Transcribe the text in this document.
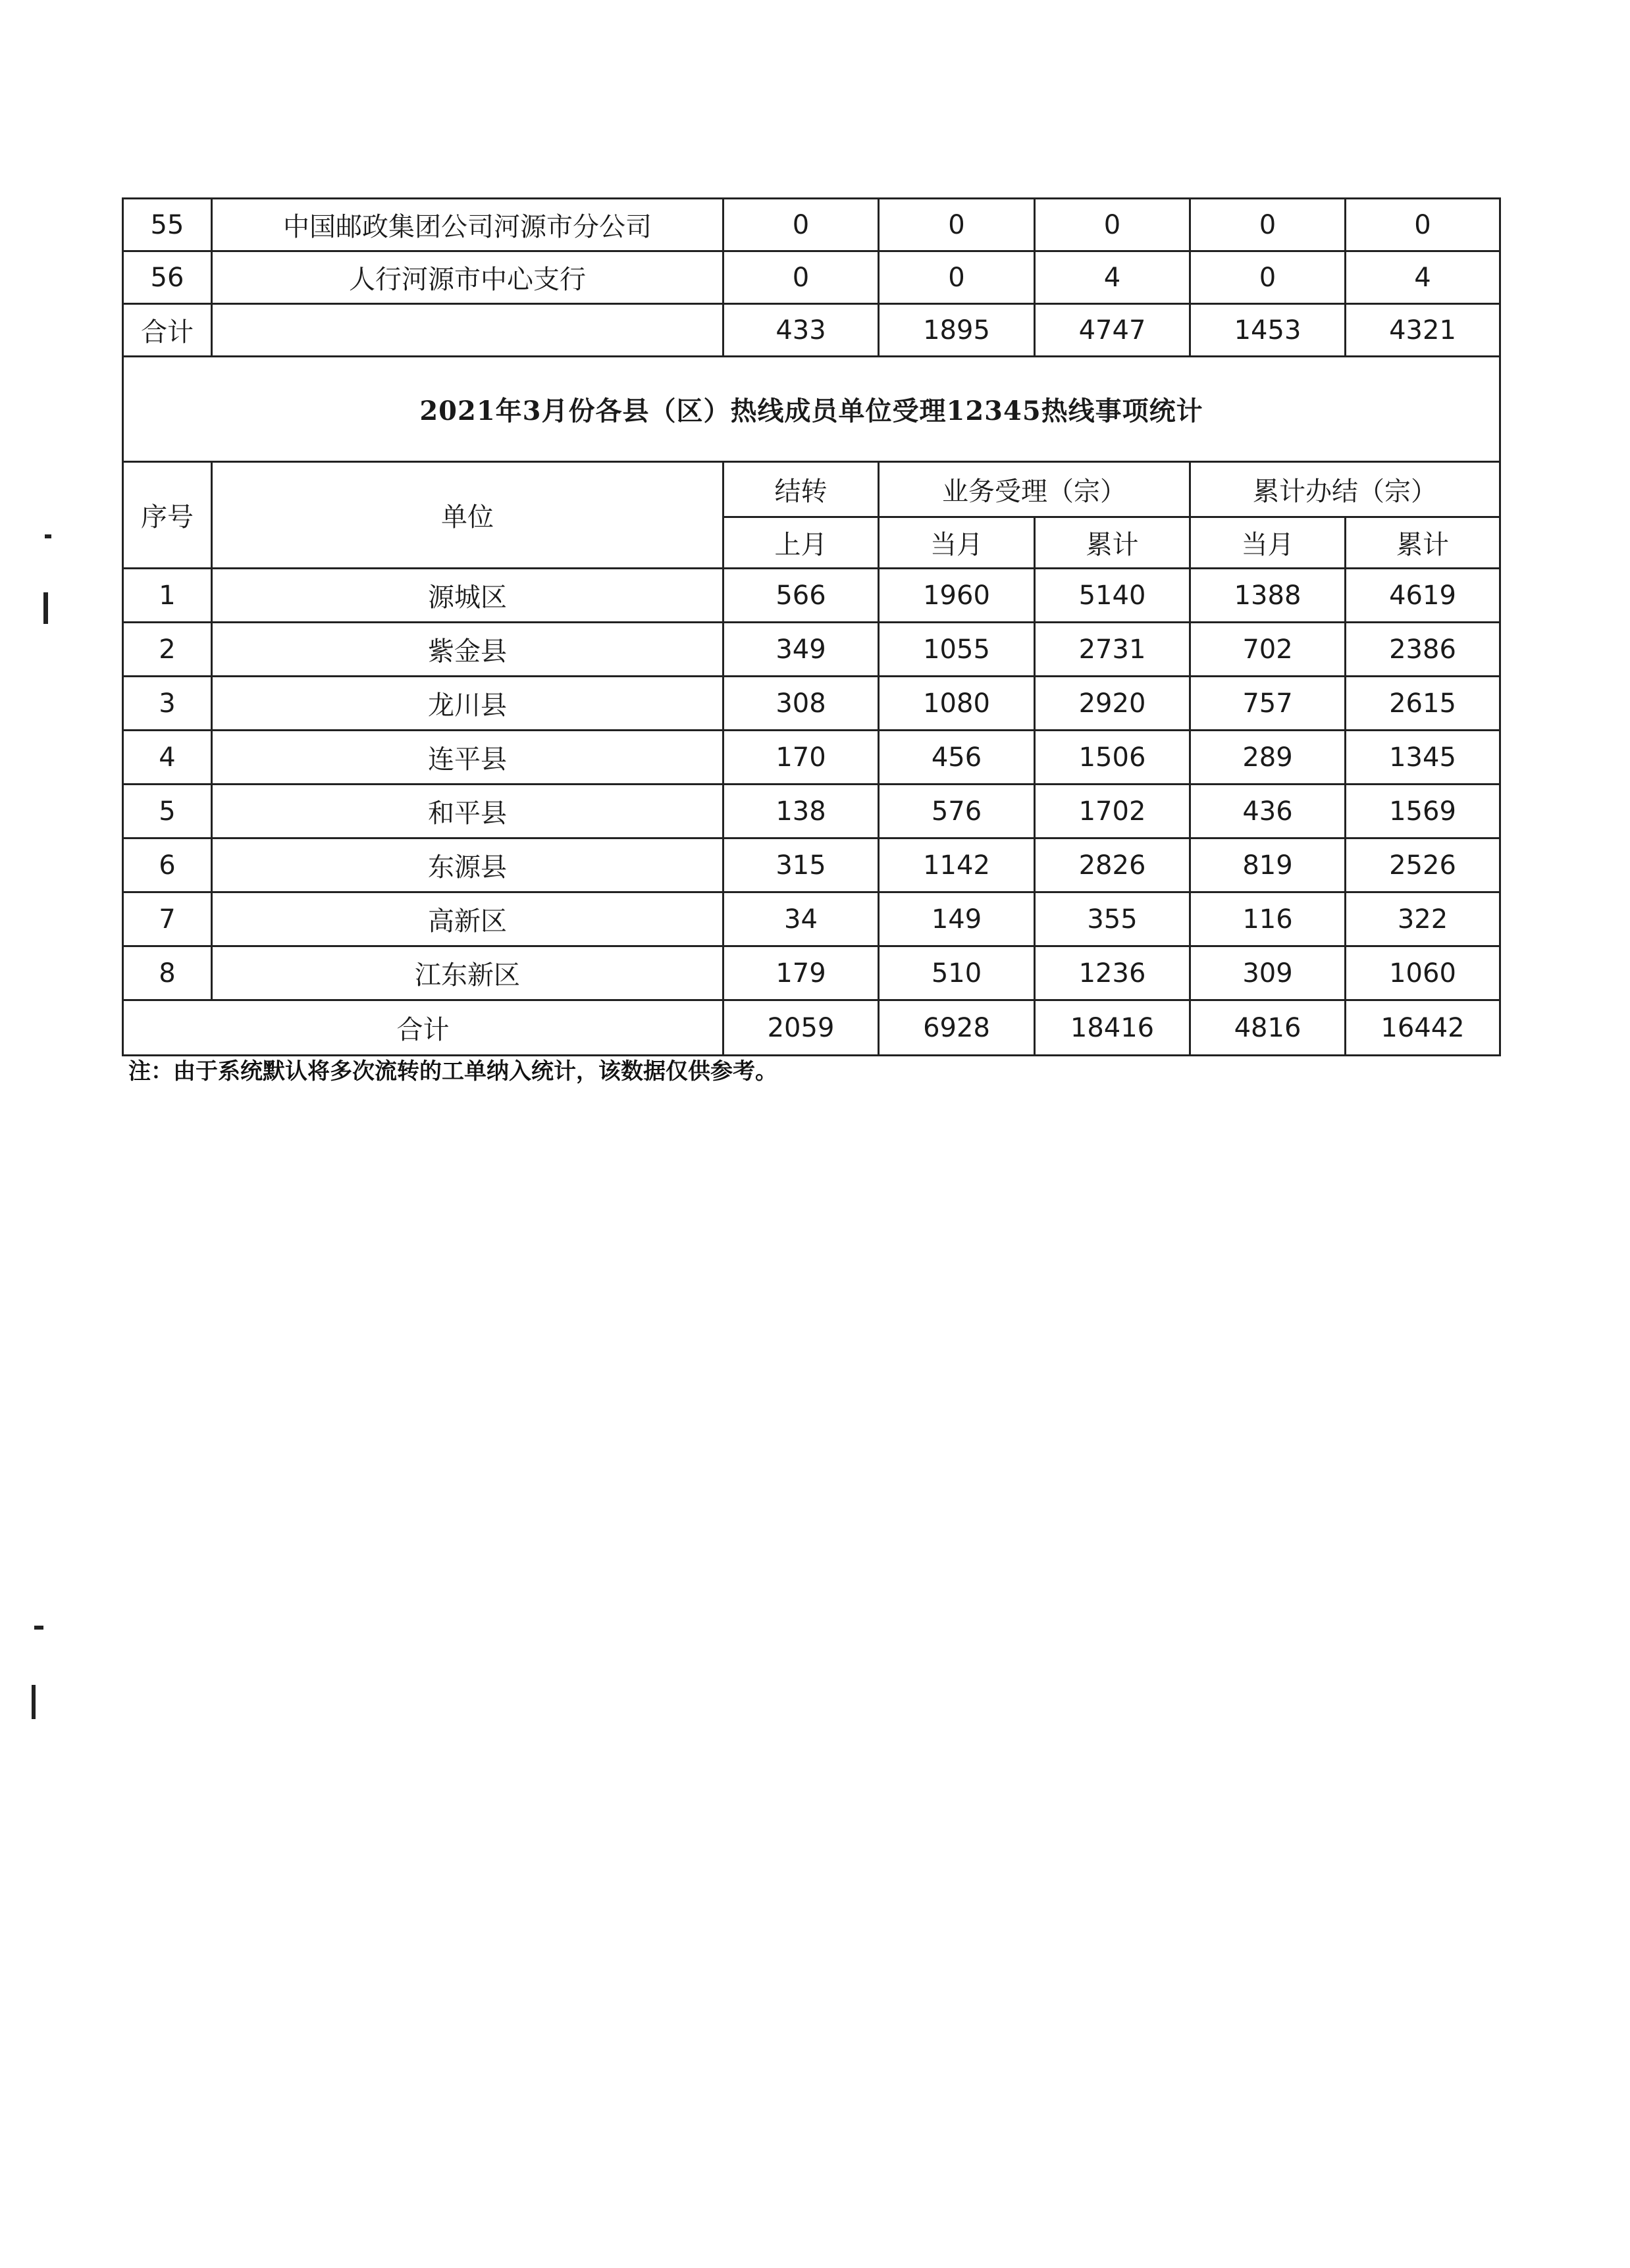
55	中国邮政集团公司河源市分公司	0	0	0	0	0
56	人行河源市中心支行	0	0	4	0	4
合计		433	1895	4747	1453	4321
2021年3月份各县（区）热线成员单位受理12345热线事项统计						
序号	单位	结转	业务受理（宗）		累计办结（宗）	
		上月	当月	累计	当月	累计
1	源城区	566	1960	5140	1388	4619
2	紫金县	349	1055	2731	702	2386
3	龙川县	308	1080	2920	757	2615
4	连平县	170	456	1506	289	1345
5	和平县	138	576	1702	436	1569
6	东源县	315	1142	2826	819	2526
7	高新区	34	149	355	116	322
8	江东新区	179	510	1236	309	1060
合计		2059	6928	18416	4816	16442
注：由于系统默认将多次流转的工单纳入统计，该数据仅供参考。
